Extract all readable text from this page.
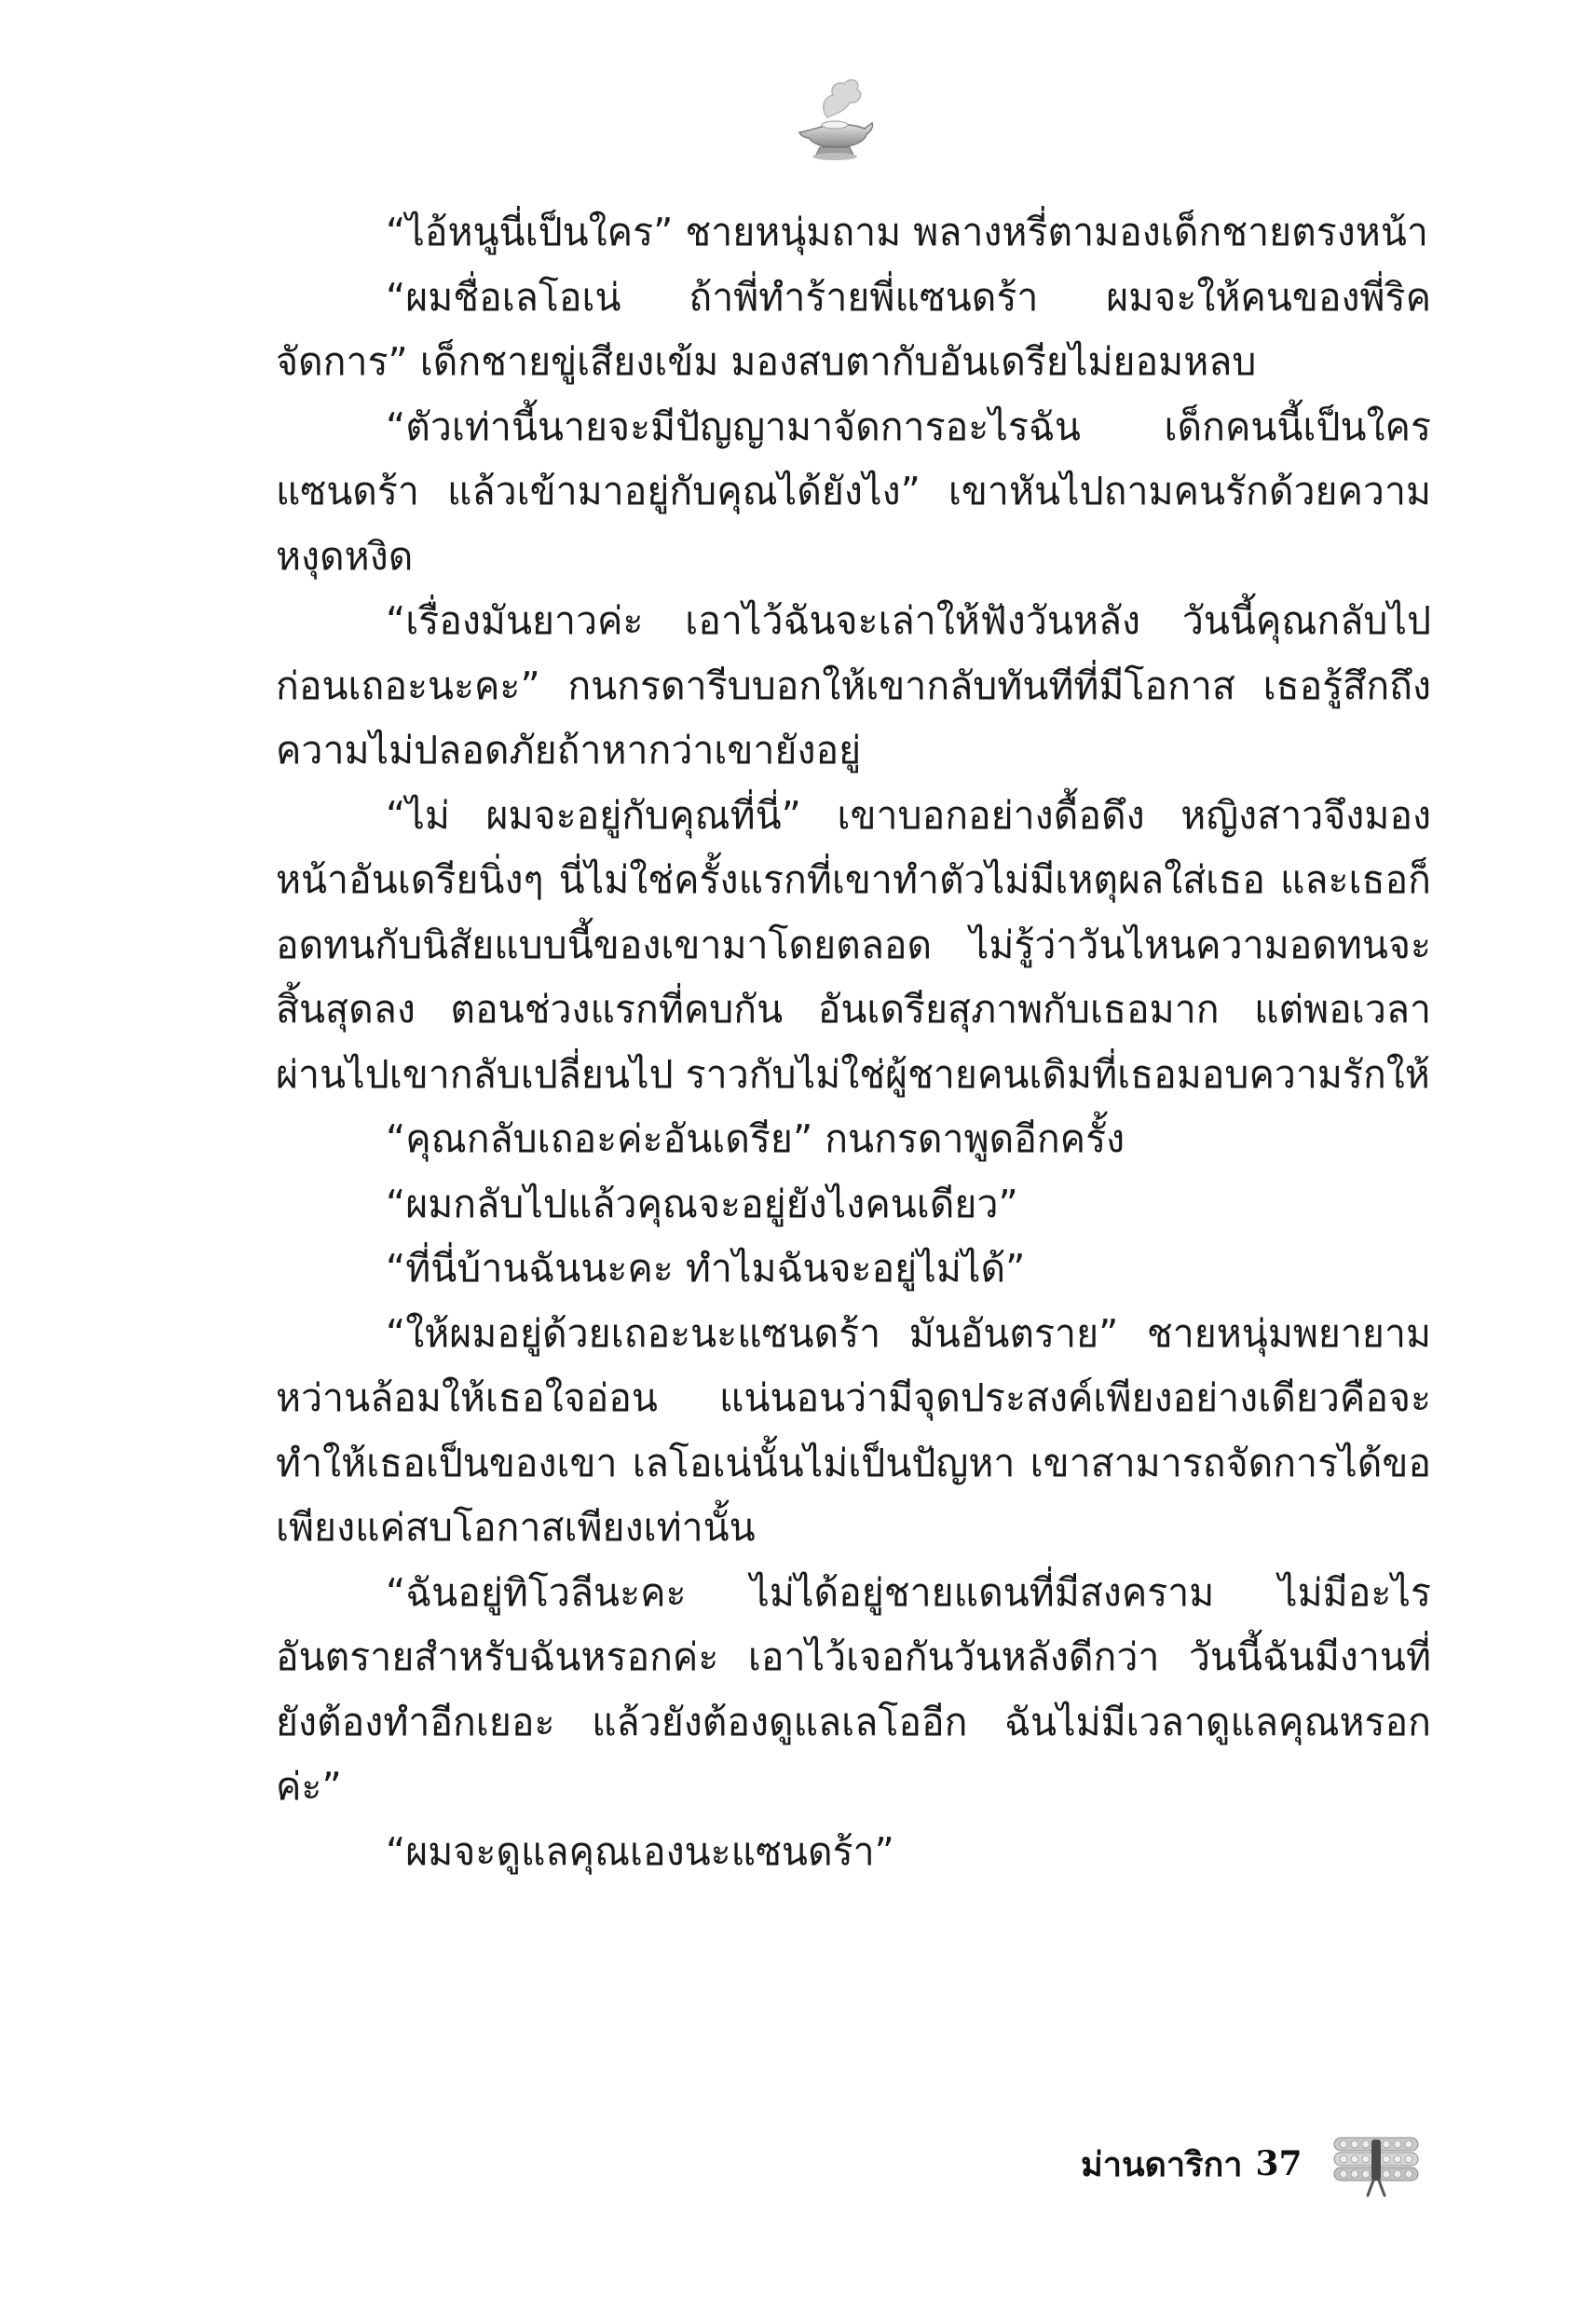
“ไอ้หนูนี่เป็นใคร” ชายหนุ่มถาม พลางหรี่ตามองเด็กชายตรงหน้า

“ผมชื่อเลโอเน่ ถ้าพี่ทำร้ายพี่แซนดร้า ผมจะให้คนของพี่ริคจัดการ” เด็กชายขู่เสียงเข้ม มองสบตากับอันเดรียไม่ยอมหลบ

“ตัวเท่านี้นายจะมีปัญญามาจัดการอะไรฉัน เด็กคนนี้เป็นใครแซนดร้า แล้วเข้ามาอยู่กับคุณได้ยังไง” เขาหันไปถามคนรักด้วยความหงุดหงิด

“เรื่องมันยาวค่ะ เอาไว้ฉันจะเล่าให้ฟังวันหลัง วันนี้คุณกลับไปก่อนเถอะนะคะ” กนกรดารีบบอกให้เขากลับทันทีที่มีโอกาส เธอรู้สึกถึงความไม่ปลอดภัยถ้าหากว่าเขายังอยู่

“ไม่ ผมจะอยู่กับคุณที่นี่” เขาบอกอย่างดื้อดึง หญิงสาวจึงมองหน้าอันเดรียนิ่งๆ นี่ไม่ใช่ครั้งแรกที่เขาทำตัวไม่มีเหตุผลใส่เธอ และเธอก็อดทนกับนิสัยแบบนี้ของเขามาโดยตลอด ไม่รู้ว่าวันไหนความอดทนจะสิ้นสุดลง ตอนช่วงแรกที่คบกัน อันเดรียสุภาพกับเธอมาก แต่พอเวลาผ่านไปเขากลับเปลี่ยนไป ราวกับไม่ใช่ผู้ชายคนเดิมที่เธอมอบความรักให้

“คุณกลับเถอะค่ะอันเดรีย” กนกรดาพูดอีกครั้ง

“ผมกลับไปแล้วคุณจะอยู่ยังไงคนเดียว”

“ที่นี่บ้านฉันนะคะ ทำไมฉันจะอยู่ไม่ได้”

“ให้ผมอยู่ด้วยเถอะนะแซนดร้า มันอันตราย” ชายหนุ่มพยายามหว่านล้อมให้เธอใจอ่อน แน่นอนว่ามีจุดประสงค์เพียงอย่างเดียวคือจะทำให้เธอเป็นของเขา เลโอเน่นั้นไม่เป็นปัญหา เขาสามารถจัดการได้ขอเพียงแค่สบโอกาสเพียงเท่านั้น

“ฉันอยู่ทิโวลีนะคะ ไม่ได้อยู่ชายแดนที่มีสงคราม ไม่มีอะไรอันตรายสำหรับฉันหรอกค่ะ เอาไว้เจอกันวันหลังดีกว่า วันนี้ฉันมีงานที่ยังต้องทำอีกเยอะ แล้วยังต้องดูแลเลโออีก ฉันไม่มีเวลาดูแลคุณหรอกค่ะ”

“ผมจะดูแลคุณเองนะแซนดร้า”

ม่านดาริกา 37
